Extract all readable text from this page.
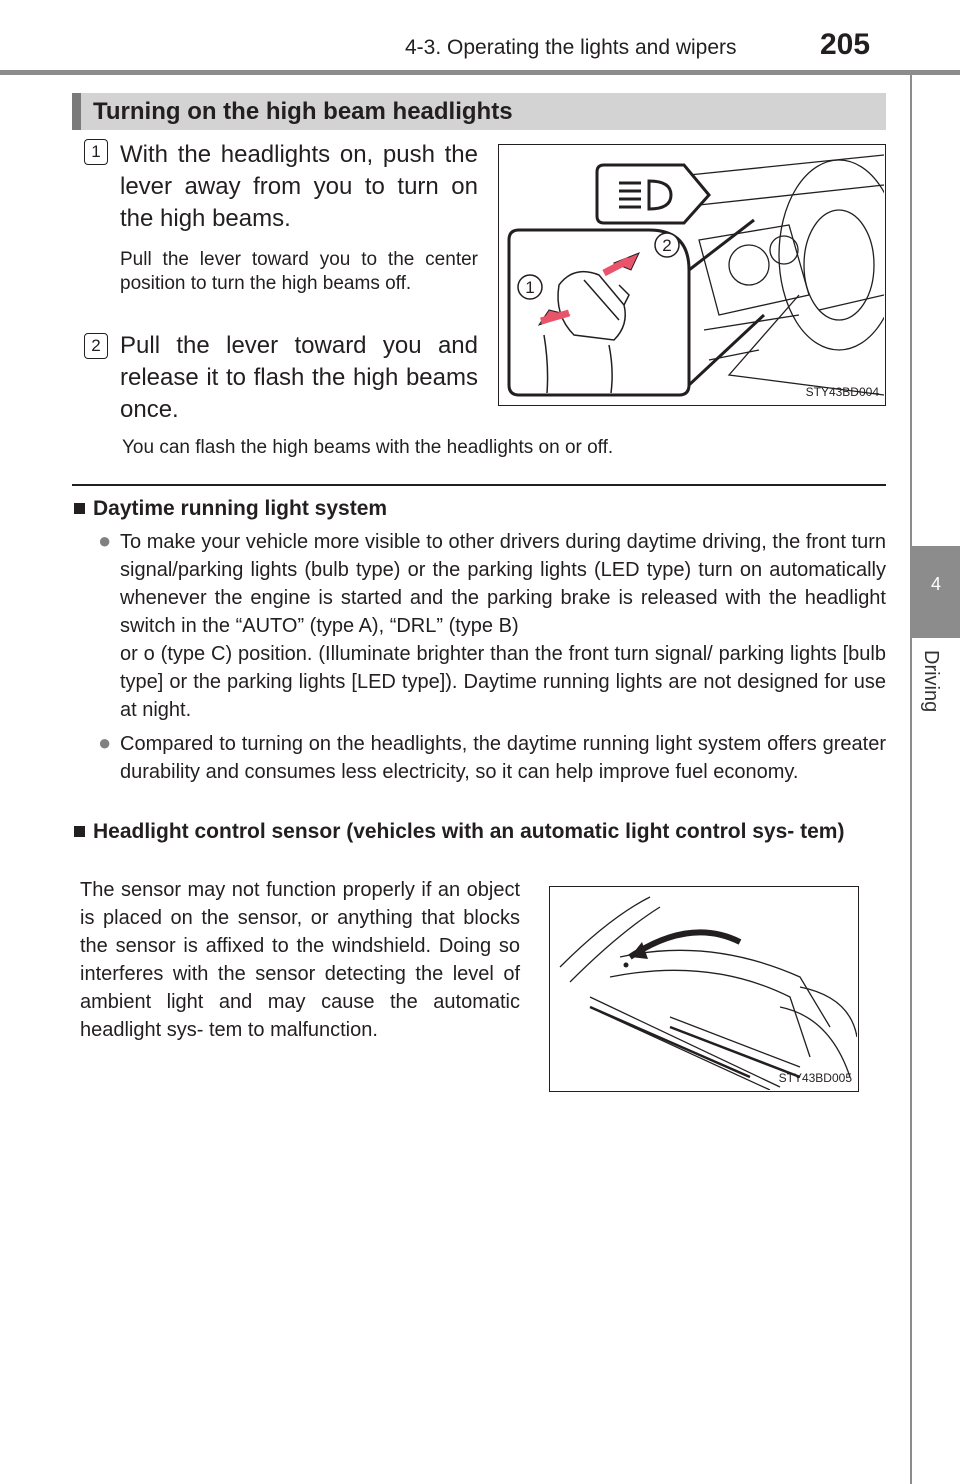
4-3. Operating the lights and wipers	205
4
Driving
Turning on the high beam headlights
1 With the headlights on, push the lever away from you to turn on the high beams.
Pull the lever toward you to the center position to turn the high beams off.
2 Pull the lever toward you and release it to flash the high beams once.
You can flash the high beams with the headlights on or off.
1
2
STY43BD004
Daytime running light system
● To make your vehicle more visible to other drivers during daytime driving, the front turn signal/parking lights (bulb type) or the parking lights (LED type) turn on automatically whenever the engine is started and the parking brake is released with the headlight switch in the “AUTO” (type A), “DRL” (type B)
or o (type C) position. (Illuminate brighter than the front turn signal/ parking lights [bulb type] or the parking lights [LED type]). Daytime running lights are not designed for use at night.
● Compared to turning on the headlights, the daytime running light system offers greater durability and consumes less electricity, so it can help improve fuel economy.
Headlight control sensor (vehicles with an automatic light control sys- tem)
The sensor may not function properly if an object is placed on the sensor, or anything that blocks the sensor is affixed to the windshield. Doing so interferes with the sensor detecting the level of ambient light and may cause the automatic headlight sys- tem to malfunction.
STY43BD005
